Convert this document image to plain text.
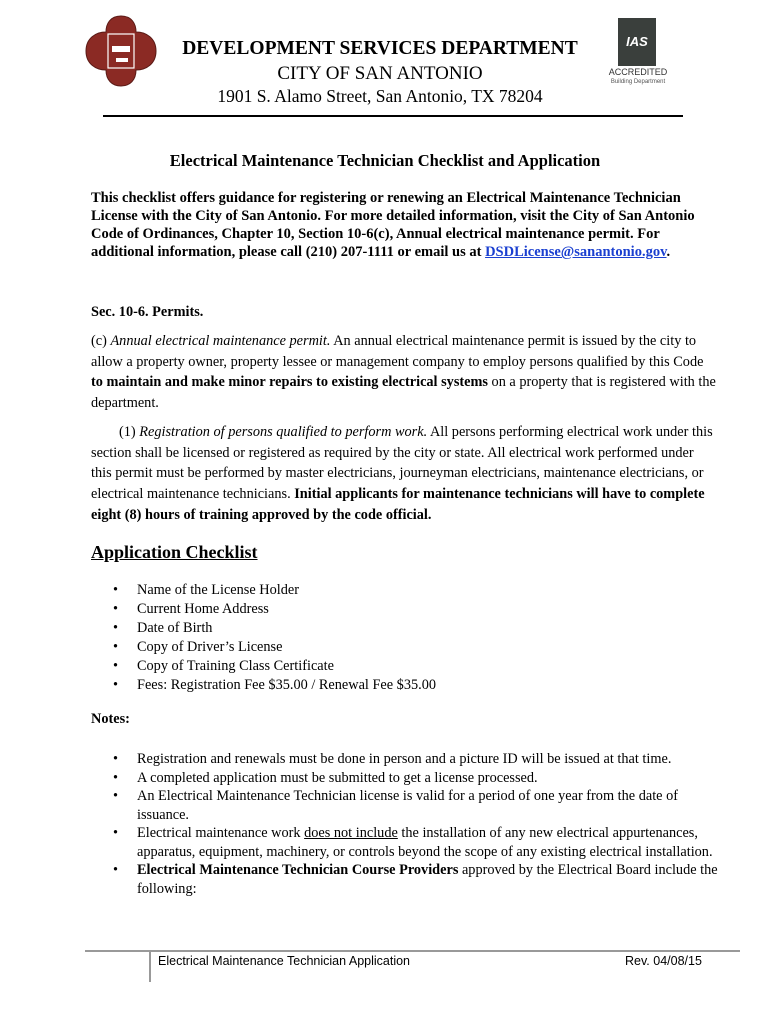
IAS
ACCREDITED
Building Department
DEVELOPMENT SERVICES DEPARTMENT
CITY OF SAN ANTONIO
1901 S. Alamo Street, San Antonio, TX 78204
Electrical Maintenance Technician Checklist and Application
This checklist offers guidance for registering or renewing an Electrical Maintenance Technician License with the City of San Antonio. For more detailed information, visit the City of San Antonio Code of Ordinances, Chapter 10, Section 10-6(c), Annual electrical maintenance permit. For additional information, please call (210) 207-1111 or email us at DSDLicense@sanantonio.gov.
Sec. 10-6. Permits.
(c) Annual electrical maintenance permit. An annual electrical maintenance permit is issued by the city to allow a property owner, property lessee or management company to employ persons qualified by this Code to maintain and make minor repairs to existing electrical systems on a property that is registered with the department.
(1) Registration of persons qualified to perform work. All persons performing electrical work under this section shall be licensed or registered as required by the city or state. All electrical work performed under this permit must be performed by master electricians, journeyman electricians, maintenance electricians, or electrical maintenance technicians. Initial applicants for maintenance technicians will have to complete eight (8) hours of training approved by the code official.
Application Checklist
• Name of the License Holder
• Current Home Address
• Date of Birth
• Copy of Driver’s License
• Copy of Training Class Certificate
• Fees: Registration Fee $35.00 / Renewal Fee $35.00
Notes:
• Registration and renewals must be done in person and a picture ID will be issued at that time.
• A completed application must be submitted to get a license processed.
• An Electrical Maintenance Technician license is valid for a period of one year from the date of issuance.
• Electrical maintenance work does not include the installation of any new electrical appurtenances, apparatus, equipment, machinery, or controls beyond the scope of any existing electrical installation.
• Electrical Maintenance Technician Course Providers approved by the Electrical Board include the following:
Electrical Maintenance Technician Application	Rev. 04/08/15
